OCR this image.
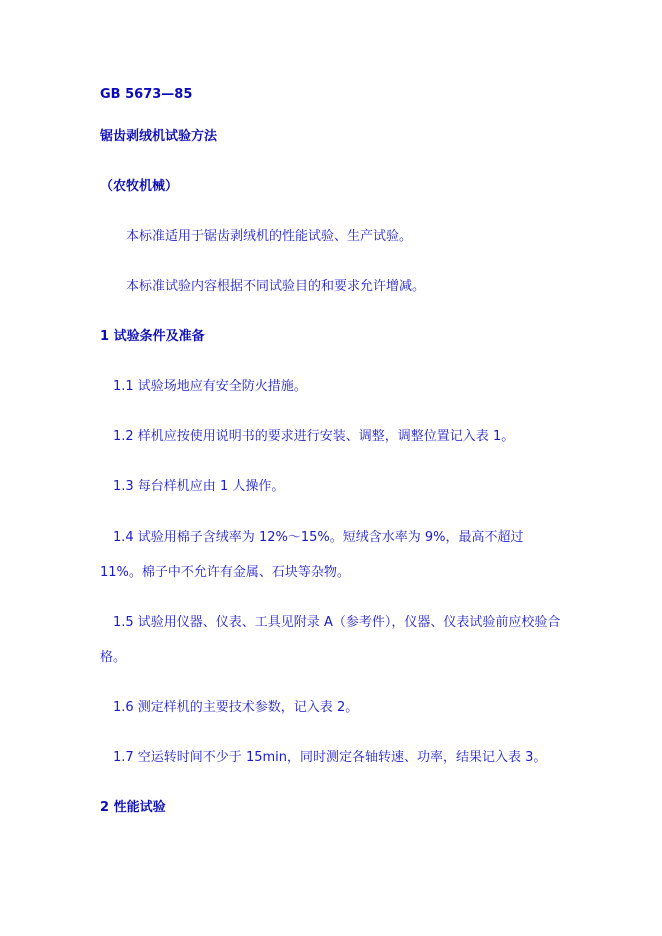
GB 5673—85
锯齿剥绒机试验方法
（农牧机械）
本标准适用于锯齿剥绒机的性能试验、生产试验。
本标准试验内容根据不同试验目的和要求允许增减。
1 试验条件及准备
1.1 试验场地应有安全防火措施。
1.2 样机应按使用说明书的要求进行安装、调整，调整位置记入表 1。
1.3 每台样机应由 1 人操作。
1.4 试验用棉子含绒率为 12%～15%。短绒含水率为 9%，最高不超过
11%。棉子中不允许有金属、石块等杂物。
1.5 试验用仪器、仪表、工具见附录 A（参考件），仪器、仪表试验前应校验合
格。
1.6 测定样机的主要技术参数，记入表 2。
1.7 空运转时间不少于 15min，同时测定各轴转速、功率，结果记入表 3。
2 性能试验
